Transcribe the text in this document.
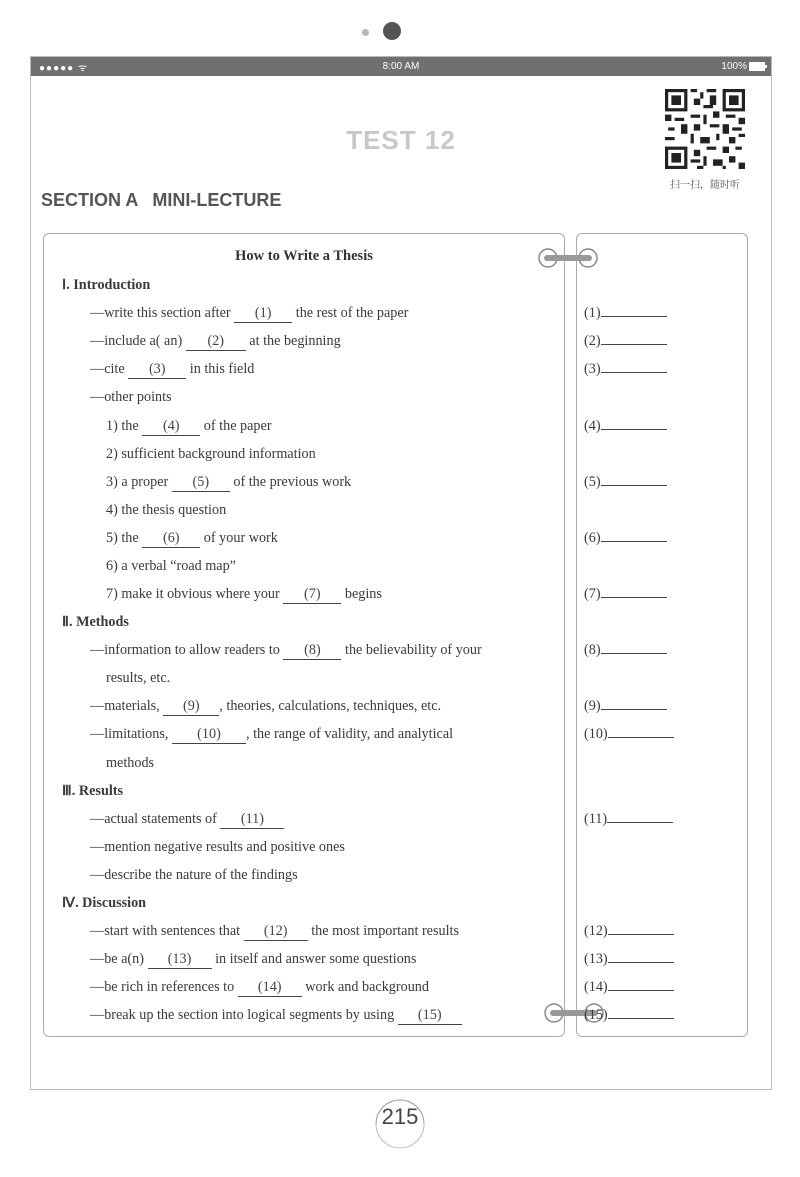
●●●●● ᯤ	8:00 AM	100%
扫一扫，随时听
TEST 12
SECTION A MINI-LECTURE
How to Write a Thesis
Ⅰ. Introduction
—write this section after (1) the rest of the paper
—include a( an) (2) at the beginning
—cite (3) in this field
—other points
1) the (4) of the paper
2) sufficient background information
3) a proper (5) of the previous work
4) the thesis question
5) the (6) of your work
6) a verbal “road map”
7) make it obvious where your (7) begins
Ⅱ. Methods
—information to allow readers to (8) the believability of your
results, etc.
—materials, (9) , theories, calculations, techniques, etc.
—limitations, (10) , the range of validity, and analytical
methods
Ⅲ. Results
—actual statements of (11)
—mention negative results and positive ones
—describe the nature of the findings
Ⅳ. Discussion
—start with sentences that (12) the most important results
—be a(n) (13) in itself and answer some questions
—be rich in references to (14) work and background
—break up the section into logical segments by using (15)
(1)
(2)
(3)
(4)
(5)
(6)
(7)
(8)
(9)
(10)
(11)
(12)
(13)
(14)
(15)
215
